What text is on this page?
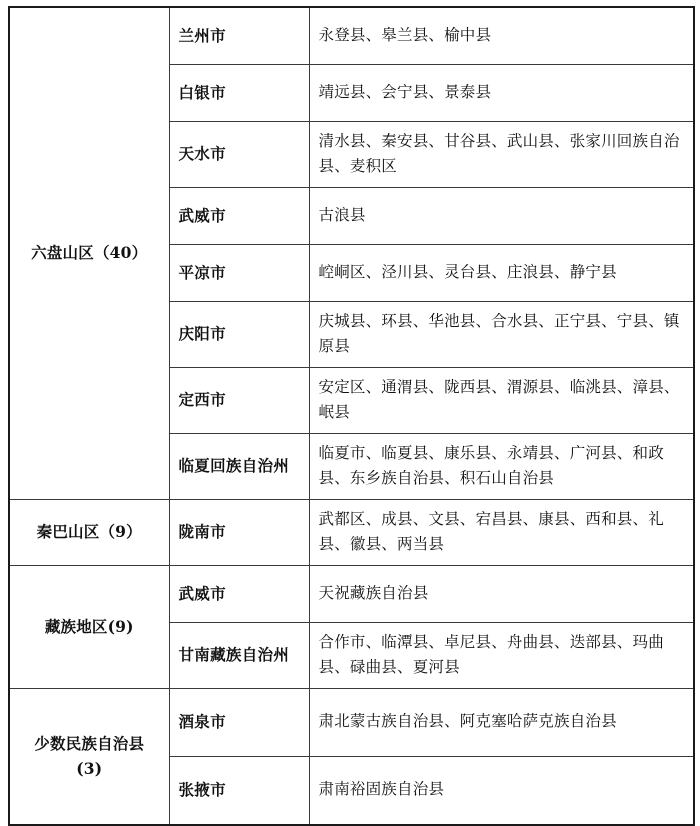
六盘山区（40）	兰州市	永登县、皋兰县、榆中县
	白银市	靖远县、会宁县、景泰县
	天水市	清水县、秦安县、甘谷县、武山县、张家川回族自治县、麦积区
	武威市	古浪县
	平凉市	崆峒区、泾川县、灵台县、庄浪县、静宁县
	庆阳市	庆城县、环县、华池县、合水县、正宁县、宁县、镇原县
	定西市	安定区、通渭县、陇西县、渭源县、临洮县、漳县、岷县
	临夏回族自治州	临夏市、临夏县、康乐县、永靖县、广河县、和政县、东乡族自治县、积石山自治县
秦巴山区（9）	陇南市	武都区、成县、文县、宕昌县、康县、西和县、礼县、徽县、两当县
藏族地区(9)	武威市	天祝藏族自治县
	甘南藏族自治州	合作市、临潭县、卓尼县、舟曲县、迭部县、玛曲县、碌曲县、夏河县
少数民族自治县 (3)	酒泉市	肃北蒙古族自治县、阿克塞哈萨克族自治县
	张掖市	肃南裕固族自治县
